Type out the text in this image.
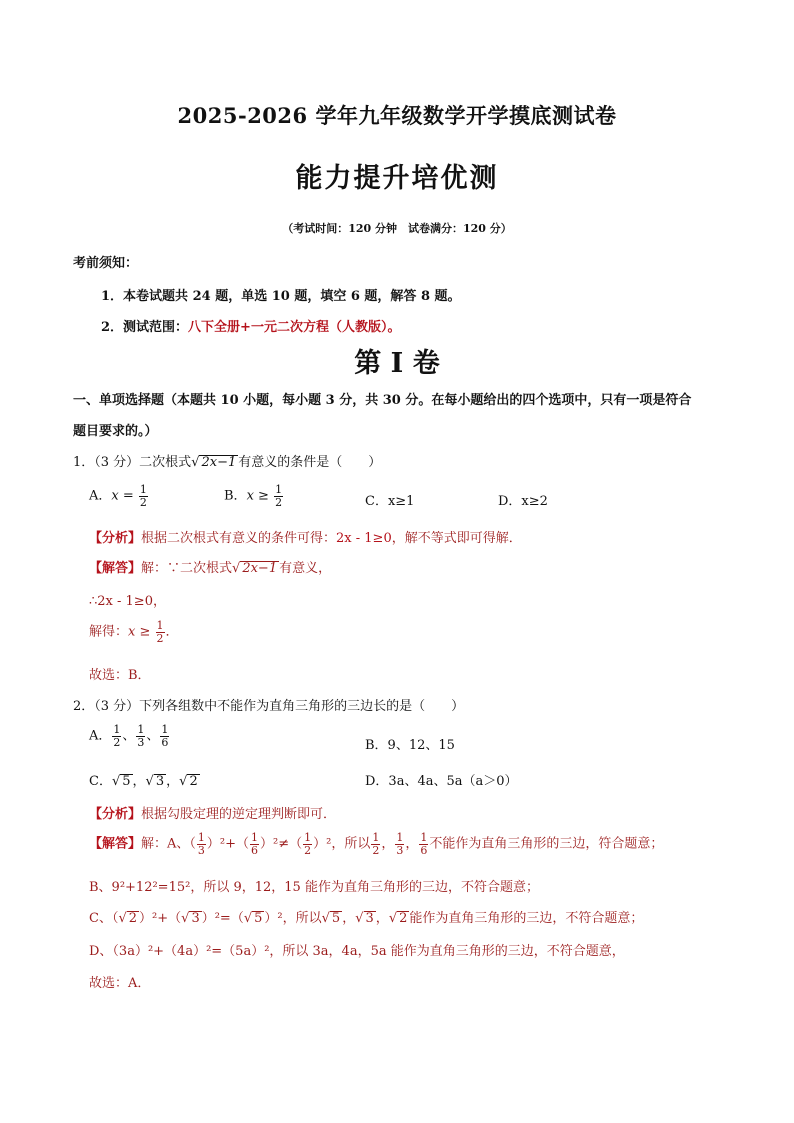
2025-2026 学年九年级数学开学摸底测试卷
能力提升培优测
（考试时间：120 分钟　试卷满分：120 分）
考前须知：
1．本卷试题共 24 题，单选 10 题，填空 6 题，解答 8 题。
2．测试范围：八下全册+一元二次方程（人教版）。
第 I 卷
一、单项选择题（本题共 10 小题，每小题 3 分，共 30 分。在每小题给出的四个选项中，只有一项是符合
题目要求的。）
1．（3 分）二次根式√ 2x−1 有意义的条件是（　　）
A．$x = \frac{1}{2}$	B．$x \ge \frac{1}{2}$	C．x≥1	D．x≥2
【分析】根据二次根式有意义的条件可得：2x - 1≥0，解不等式即可得解．
【解答】解：∵二次根式√ 2x−1 有意义，
∴2x - 1≥0，
解得：$x \ge \frac{1}{2}$ ．
故选：B．
2．（3 分）下列各组数中不能作为直角三角形的三边长的是（　　）
A． $\frac{1}{2}$ 、 $\frac{1}{3}$ 、 $\frac{1}{6}$	B．9、12、15
C．√ 5 ，√ 3 ，√ 2	D．3a、4a、5a（a＞0）
【分析】根据勾股定理的逆定理判断即可．
【解答】解：A、（ $\frac{1}{3} )^2+( \frac{1}{6} )^2\ne( \frac{1}{2} )^2$，所以 $\frac{1}{2}$ ， $\frac{1}{3}$ ， $\frac{1}{6}$ 不能作为直角三角形的三边，符合题意；
B、9²+12²=15²，所以 9，12，15 能作为直角三角形的三边，不符合题意；
C、（√ 2 ）²+（√ 3 ）²=（√ 5 ）²，所以√ 5 ，√ 3 ，√ 2 能作为直角三角形的三边，不符合题意；
D、（3a）²+（4a）²=（5a）²，所以 3a，4a，5a 能作为直角三角形的三边，不符合题意，
故选：A．
